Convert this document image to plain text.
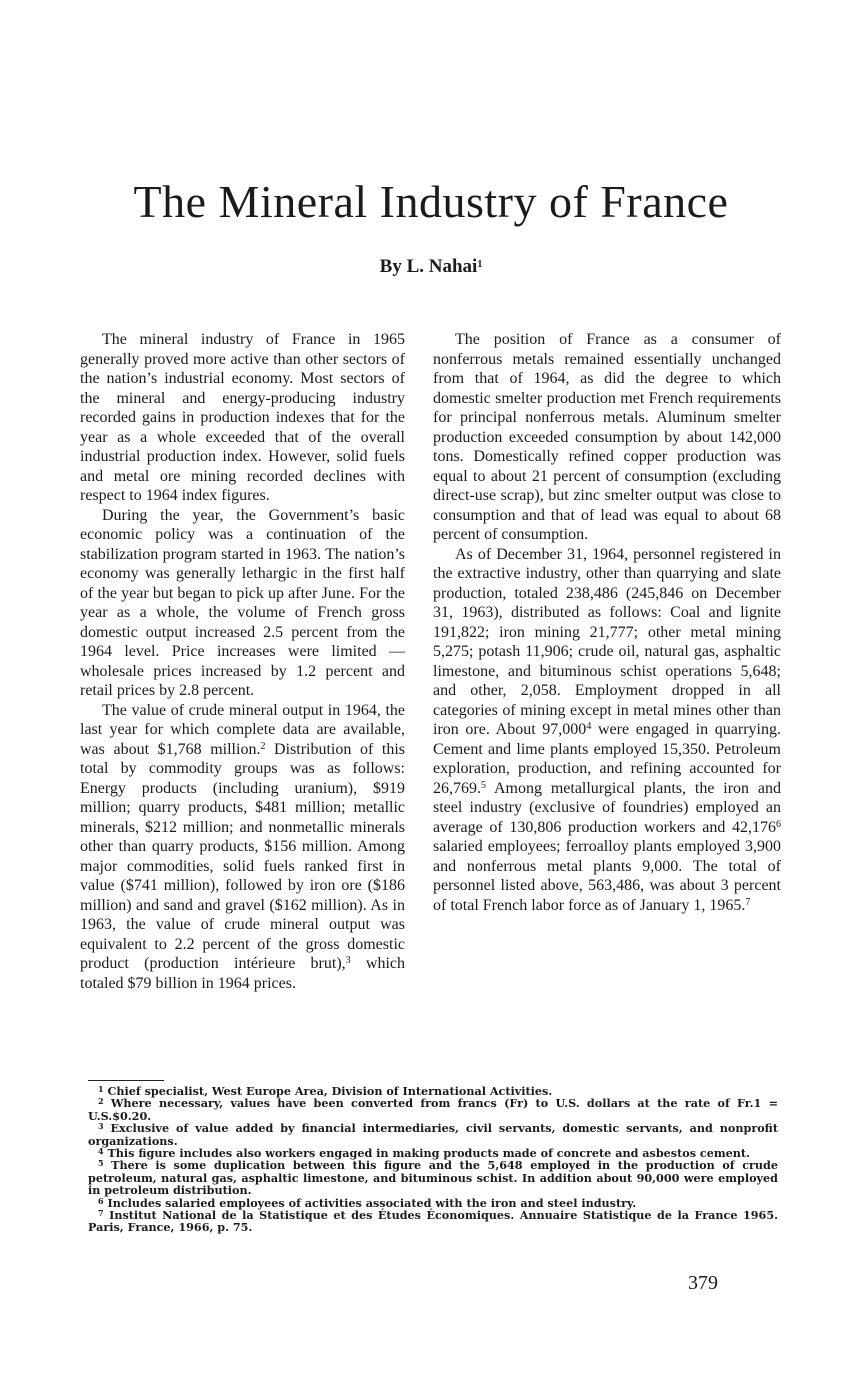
The Mineral Industry of France
By L. Nahai$^1$

The mineral industry of France in 1965 generally proved more active than other sectors of the nation’s industrial economy. Most sectors of the mineral and energy-producing industry recorded gains in production indexes that for the year as a whole exceeded that of the overall industrial production index. However, solid fuels and metal ore mining recorded declines with respect to 1964 index figures.

During the year, the Government’s basic economic policy was a continuation of the stabilization program started in 1963. The nation’s economy was generally lethargic in the first half of the year but began to pick up after June. For the year as a whole, the volume of French gross domestic output increased 2.5 percent from the 1964 level. Price increases were limited — wholesale prices increased by 1.2 percent and retail prices by 2.8 percent.

The value of crude mineral output in 1964, the last year for which complete data are available, was about $1,768 million.$^2$ Distribution of this total by commodity groups was as follows: Energy products (including uranium), $919 million; quarry products, $481 million; metallic minerals, $212 million; and nonmetallic minerals other than quarry products, $156 million. Among major commodities, solid fuels ranked first in value ($741 million), followed by iron ore ($186 million) and sand and gravel ($162 million). As in 1963, the value of crude mineral output was equivalent to 2.2 percent of the gross domestic product (production intérieure brut),$^3$ which totaled $79 billion in 1964 prices.

The position of France as a consumer of nonferrous metals remained essentially unchanged from that of 1964, as did the degree to which domestic smelter production met French requirements for principal nonferrous metals. Aluminum smelter production exceeded consumption by about 142,000 tons. Domestically refined copper production was equal to about 21 percent of consumption (excluding direct-use scrap), but zinc smelter output was close to consumption and that of lead was equal to about 68 percent of consumption.

As of December 31, 1964, personnel registered in the extractive industry, other than quarrying and slate production, totaled 238,486 (245,846 on December 31, 1963), distributed as follows: Coal and lignite 191,822; iron mining 21,777; other metal mining 5,275; potash 11,906; crude oil, natural gas, asphaltic limestone, and bituminous schist operations 5,648; and other, 2,058. Employment dropped in all categories of mining except in metal mines other than iron ore. About 97,000$^4$ were engaged in quarrying. Cement and lime plants employed 15,350. Petroleum exploration, production, and refining accounted for 26,769.$^5$ Among metallurgical plants, the iron and steel industry (exclusive of foundries) employed an average of 130,806 production workers and 42,176$^6$ salaried employees; ferroalloy plants employed 3,900 and nonferrous metal plants 9,000. The total of personnel listed above, 563,486, was about 3 percent of total French labor force as of January 1, 1965.$^7$

$^1$ Chief specialist, West Europe Area, Division of International Activities.

$^2$ Where necessary, values have been converted from francs (Fr) to U.S. dollars at the rate of Fr.1 = U.S.$0.20.

$^3$ Exclusive of value added by financial intermediaries, civil servants, domestic servants, and nonprofit organizations.

$^4$ This figure includes also workers engaged in making products made of concrete and asbestos cement.

$^5$ There is some duplication between this figure and the 5,648 employed in the production of crude petroleum, natural gas, asphaltic limestone, and bituminous schist. In addition about 90,000 were employed in petroleum distribution.

$^6$ Includes salaried employees of activities associated with the iron and steel industry.

$^7$ Institut National de la Statistique et des Études Économiques. Annuaire Statistique de la France 1965. Paris, France, 1966, p. 75.

379
